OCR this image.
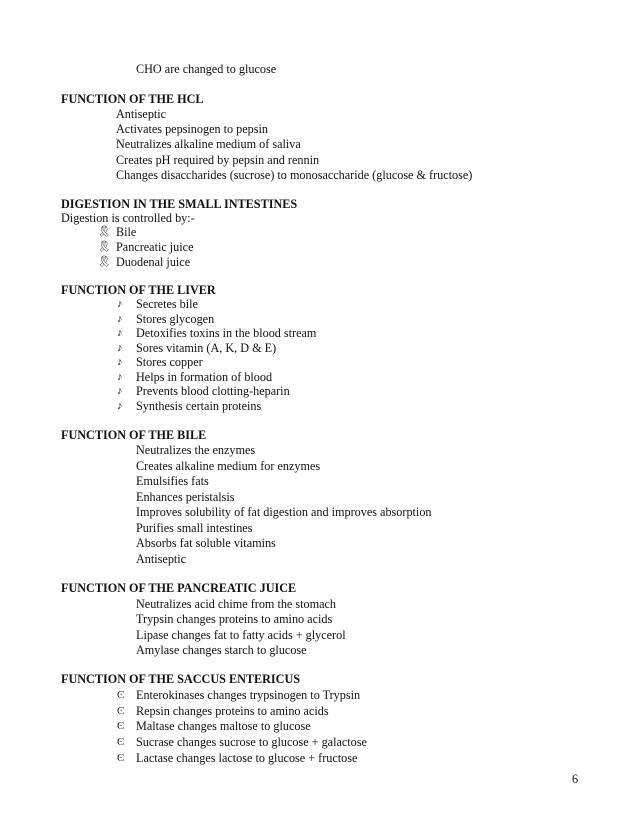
CHO are changed to glucose
FUNCTION OF THE HCL
Antiseptic
Activates pepsinogen to pepsin
Neutralizes alkaline medium of saliva
Creates pH required by pepsin and rennin
Changes disaccharides (sucrose) to monosaccharide (glucose & fructose)
DIGESTION IN THE SMALL INTESTINES
Digestion is controlled by:-
🎗 Bile
🎗 Pancreatic juice
🎗 Duodenal juice
FUNCTION OF THE LIVER
♪	Secretes bile
♪	Stores glycogen
♪	Detoxifies toxins in the blood stream
♪	Sores vitamin (A, K, D & E)
♪	Stores copper
♪	Helps in formation of blood
♪	Prevents blood clotting-heparin
♪	Synthesis certain proteins
FUNCTION OF THE BILE
Neutralizes the enzymes
Creates alkaline medium for enzymes
Emulsifies fats
Enhances peristalsis
Improves solubility of fat digestion and improves absorption
Purifies small intestines
Absorbs fat soluble vitamins
Antiseptic
FUNCTION OF THE PANCREATIC JUICE
Neutralizes acid chime from the stomach
Trypsin changes proteins to amino acids
Lipase changes fat to fatty acids + glycerol
Amylase changes starch to glucose
FUNCTION OF THE SACCUS ENTERICUS
Ͼ Enterokinases changes trypsinogen to Trypsin
Ͼ Repsin changes proteins to amino acids
Ͼ Maltase changes maltose to glucose
Ͼ Sucrase changes sucrose to glucose + galactose
Ͼ Lactase changes lactose to glucose + fructose
6
